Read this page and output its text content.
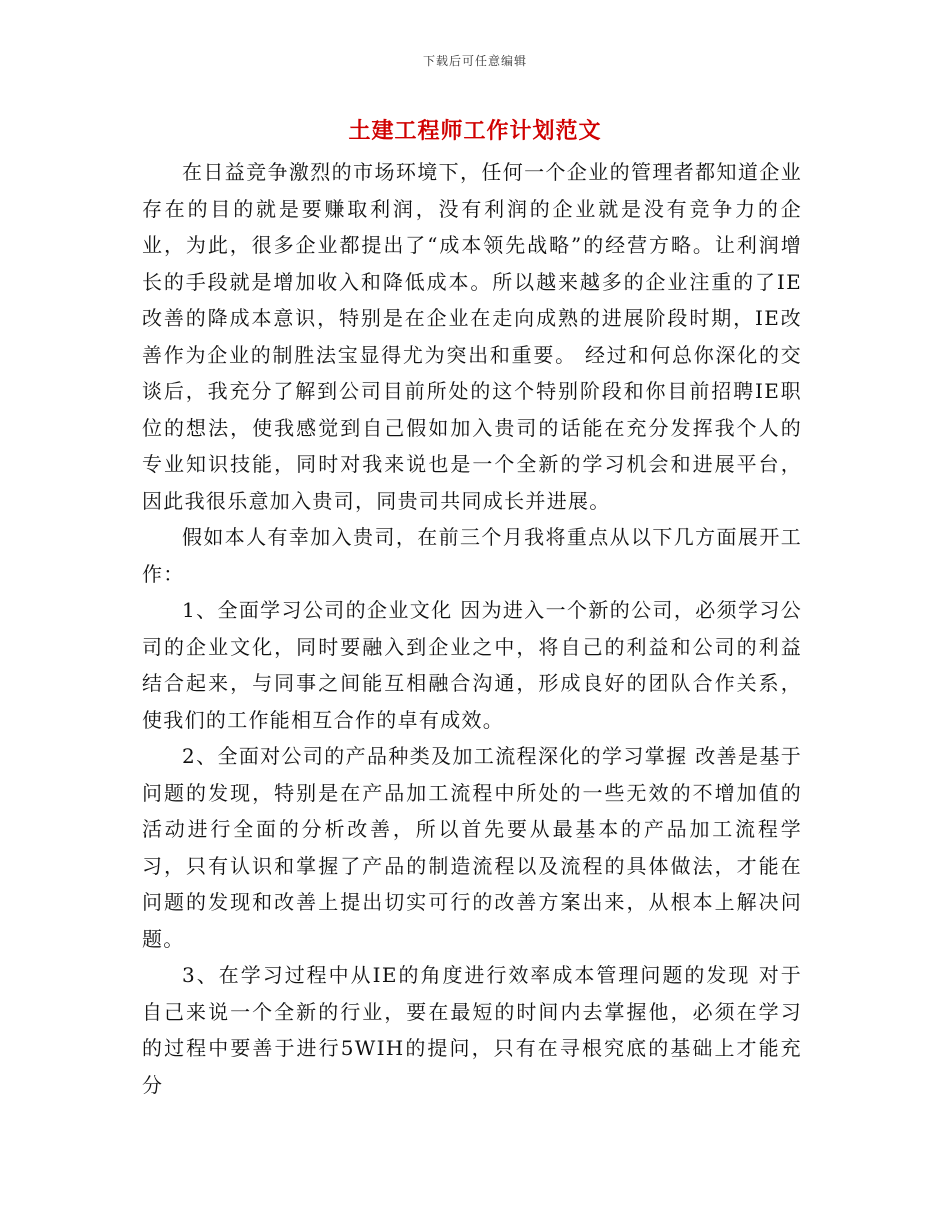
下载后可任意编辑
土建工程师工作计划范文

在日益竞争激烈的市场环境下，任何一个企业的管理者都知道企业存在的目的就是要赚取利润，没有利润的企业就是没有竞争力的企业，为此，很多企业都提出了“成本领先战略”的经营方略。让利润增长的手段就是增加收入和降低成本。所以越来越多的企业注重的了IE改善的降成本意识，特别是在企业在走向成熟的进展阶段时期，IE改善作为企业的制胜法宝显得尤为突出和重要。 经过和何总你深化的交谈后，我充分了解到公司目前所处的这个特别阶段和你目前招聘IE职位的想法，使我感觉到自己假如加入贵司的话能在充分发挥我个人的专业知识技能，同时对我来说也是一个全新的学习机会和进展平台，因此我很乐意加入贵司，同贵司共同成长并进展。

假如本人有幸加入贵司，在前三个月我将重点从以下几方面展开工作：

1、全面学习公司的企业文化 因为进入一个新的公司，必须学习公司的企业文化，同时要融入到企业之中，将自己的利益和公司的利益结合起来，与同事之间能互相融合沟通，形成良好的团队合作关系，使我们的工作能相互合作的卓有成效。

2、全面对公司的产品种类及加工流程深化的学习掌握 改善是基于问题的发现，特别是在产品加工流程中所处的一些无效的不增加值的活动进行全面的分析改善，所以首先要从最基本的产品加工流程学习，只有认识和掌握了产品的制造流程以及流程的具体做法，才能在问题的发现和改善上提出切实可行的改善方案出来，从根本上解决问题。

3、在学习过程中从IE的角度进行效率成本管理问题的发现 对于自己来说一个全新的行业，要在最短的时间内去掌握他，必须在学习的过程中要善于进行5WIH的提问，只有在寻根究底的基础上才能充分
